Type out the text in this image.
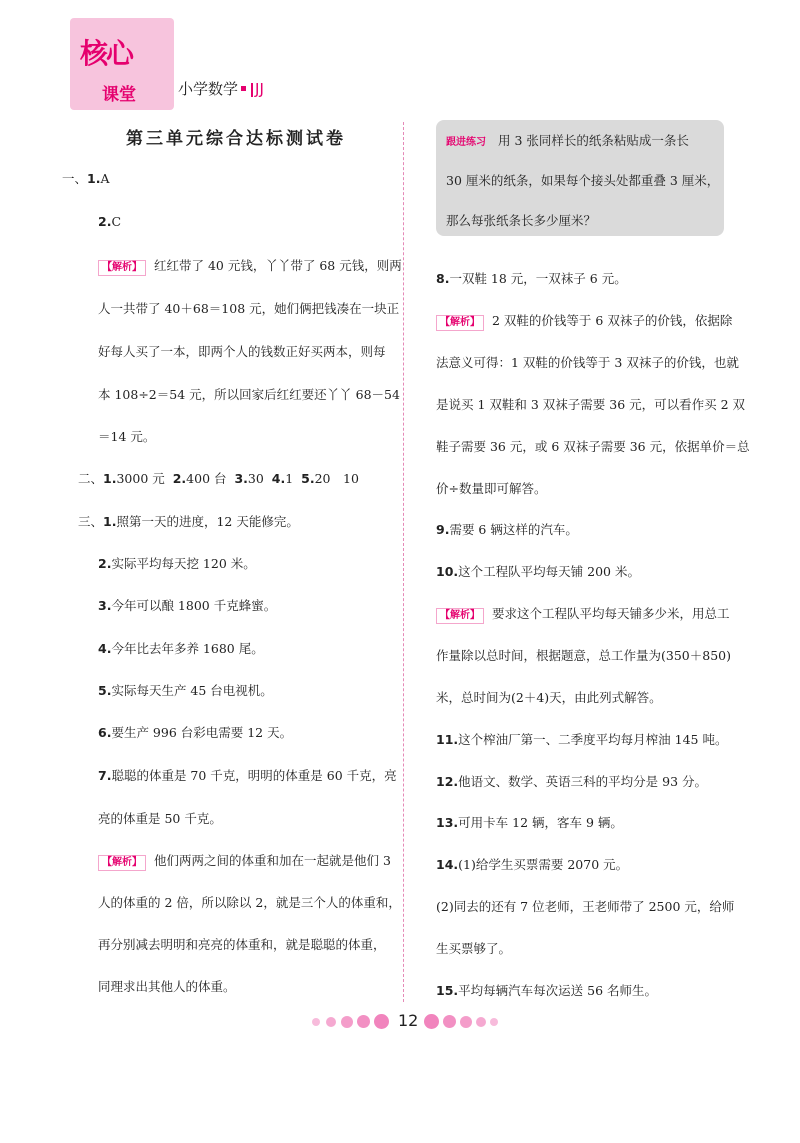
核心
课堂	小学数学 JJ
第三单元综合达标测试卷
一、1.A
2.C
【解析】 红红带了 40 元钱，丫丫带了 68 元钱，则两
人一共带了 40＋68＝108 元，她们俩把钱凑在一块正
好每人买了一本，即两个人的钱数正好买两本，则每
本 108÷2＝54 元，所以回家后红红要还丫丫 68－54
＝14 元。
二、1.3000 元 2.400 台 3.30 4.1 5.20　10
三、1.照第一天的进度，12 天能修完。
2.实际平均每天挖 120 米。
3.今年可以酿 1800 千克蜂蜜。
4.今年比去年多养 1680 尾。
5.实际每天生产 45 台电视机。
6.要生产 996 台彩电需要 12 天。
7.聪聪的体重是 70 千克，明明的体重是 60 千克，亮
亮的体重是 50 千克。
【解析】 他们两两之间的体重和加在一起就是他们 3
人的体重的 2 倍，所以除以 2，就是三个人的体重和，
再分别减去明明和亮亮的体重和，就是聪聪的体重，
同理求出其他人的体重。
跟进练习 用 3 张同样长的纸条粘贴成一条长
30 厘米的纸条，如果每个接头处都重叠 3 厘米，
那么每张纸条长多少厘米？
8.一双鞋 18 元，一双袜子 6 元。
【解析】 2 双鞋的价钱等于 6 双袜子的价钱，依据除
法意义可得：1 双鞋的价钱等于 3 双袜子的价钱，也就
是说买 1 双鞋和 3 双袜子需要 36 元，可以看作买 2 双
鞋子需要 36 元，或 6 双袜子需要 36 元，依据单价＝总
价÷数量即可解答。
9.需要 6 辆这样的汽车。
10.这个工程队平均每天铺 200 米。
【解析】 要求这个工程队平均每天铺多少米，用总工
作量除以总时间，根据题意，总工作量为(350＋850)
米，总时间为(2＋4)天，由此列式解答。
11.这个榨油厂第一、二季度平均每月榨油 145 吨。
12.他语文、数学、英语三科的平均分是 93 分。
13.可用卡车 12 辆，客车 9 辆。
14.(1)给学生买票需要 2070 元。
(2)同去的还有 7 位老师，王老师带了 2500 元，给师
生买票够了。
15.平均每辆汽车每次运送 56 名师生。
12
